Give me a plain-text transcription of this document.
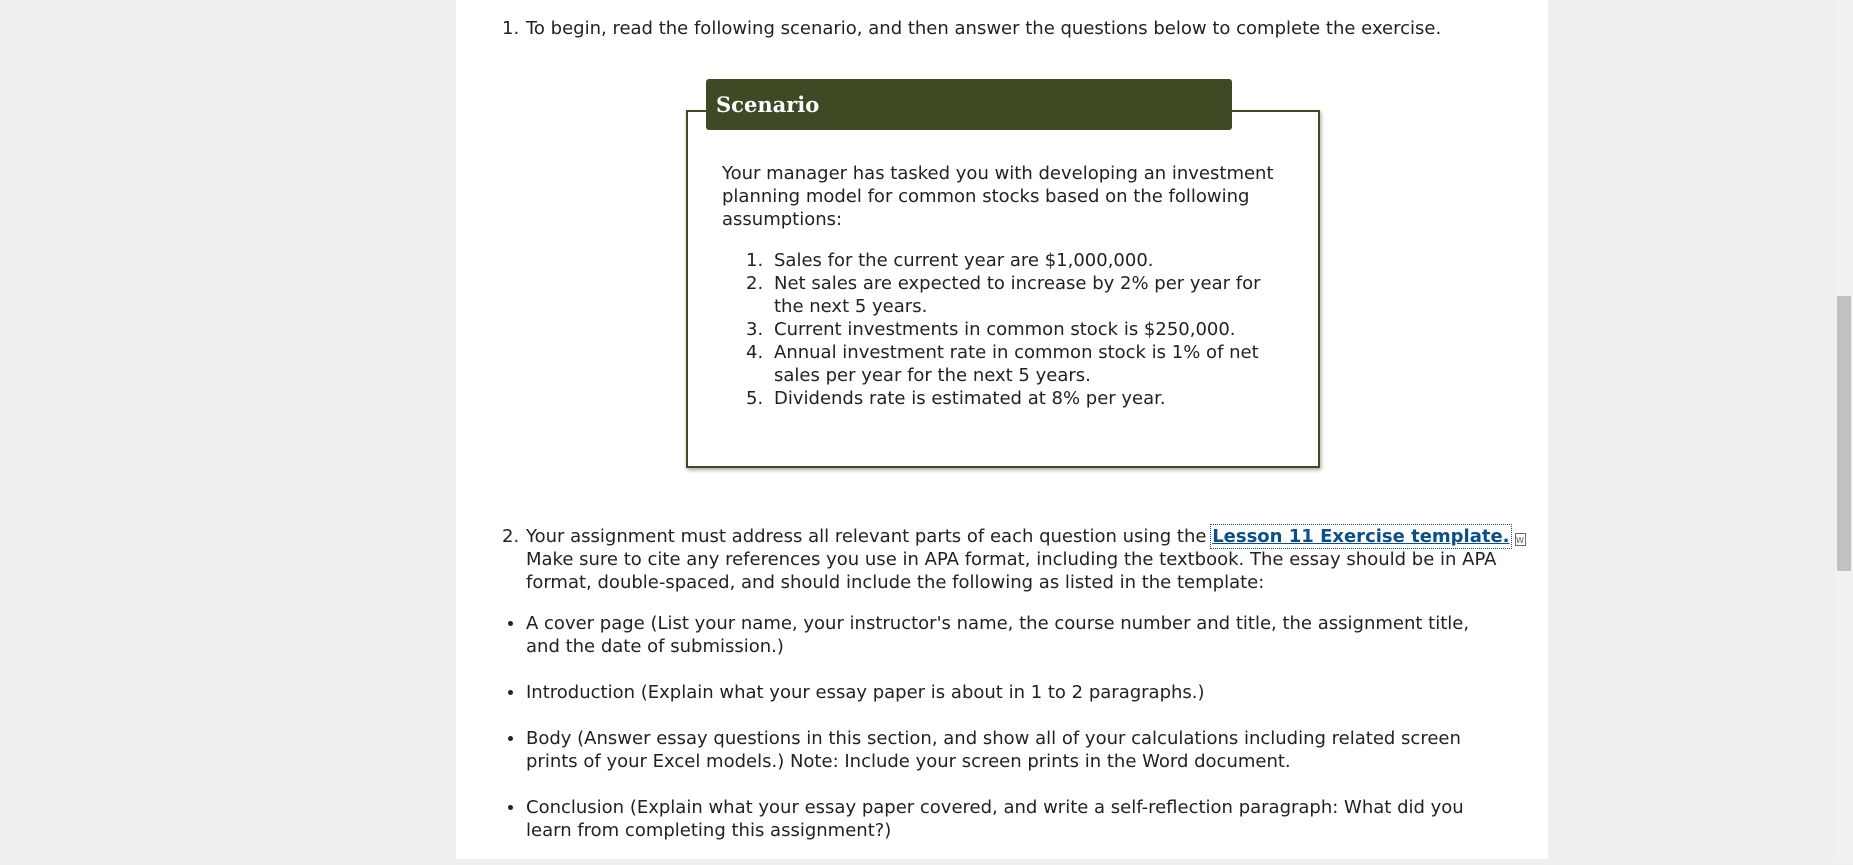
1. To begin, read the following scenario, and then answer the questions below to complete the exercise.
Scenario
Your manager has tasked you with developing an investment planning model for common stocks based on the following assumptions:
1. Sales for the current year are $1,000,000.
2. Net sales are expected to increase by 2% per year for the next 5 years.
3. Current investments in common stock is $250,000.
4. Annual investment rate in common stock is 1% of net sales per year for the next 5 years.
5. Dividends rate is estimated at 8% per year.
2. Your assignment must address all relevant parts of each question using the Lesson 11 Exercise template. W Make sure to cite any references you use in APA format, including the textbook. The essay should be in APA format, double-spaced, and should include the following as listed in the template:
A cover page (List your name, your instructor's name, the course number and title, the assignment title, and the date of submission.)
Introduction (Explain what your essay paper is about in 1 to 2 paragraphs.)
Body (Answer essay questions in this section, and show all of your calculations including related screen prints of your Excel models.) Note: Include your screen prints in the Word document.
Conclusion (Explain what your essay paper covered, and write a self-reflection paragraph: What did you learn from completing this assignment?)
